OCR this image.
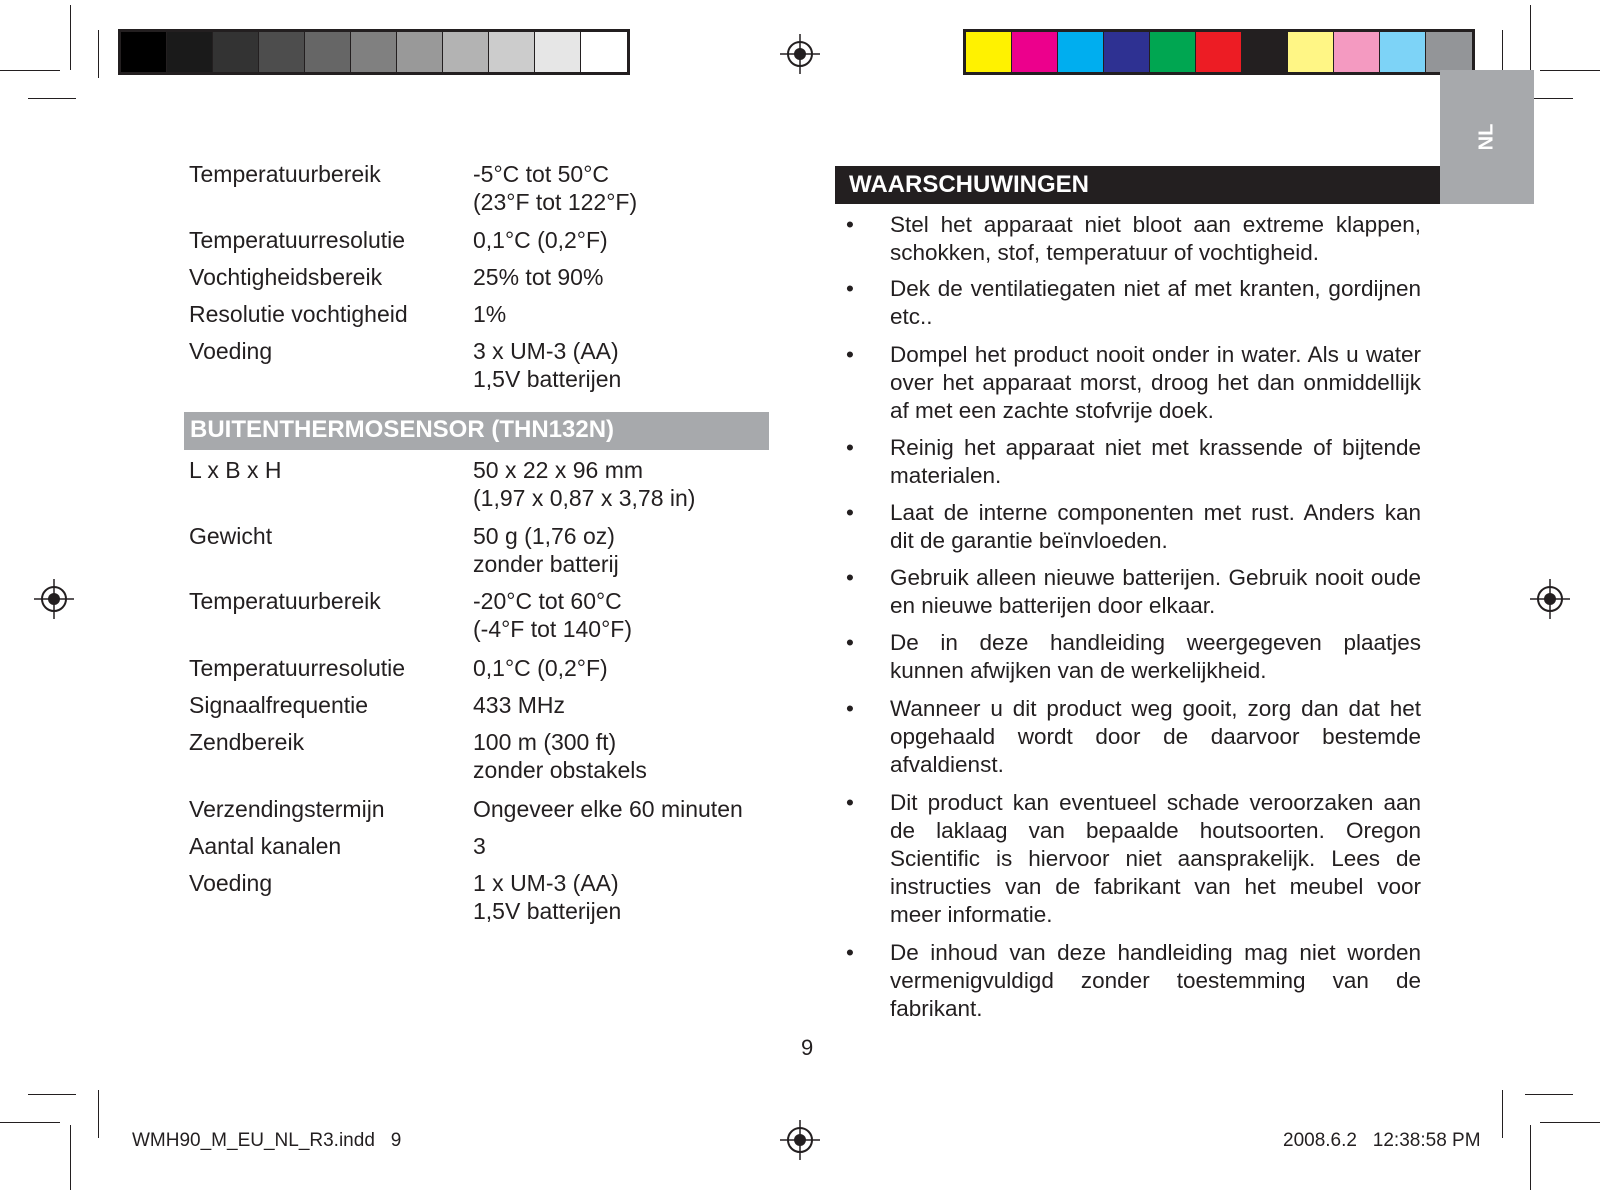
NL
Temperatuurbereik	-5°C tot 50°C
(23°F tot 122°F)
Temperatuurresolutie	0,1°C (0,2°F)
Vochtigheidsbereik	25% tot 90%
Resolutie vochtigheid	1%
Voeding	3 x UM-3 (AA)
1,5V batterijen
BUITENTHERMOSENSOR (THN132N)
L x B x H	50 x 22 x 96 mm
(1,97 x 0,87 x 3,78 in)
Gewicht	50 g (1,76 oz)
zonder batterij
Temperatuurbereik	-20°C tot 60°C
(-4°F tot 140°F)
Temperatuurresolutie	0,1°C (0,2°F)
Signaalfrequentie	433 MHz
Zendbereik	100 m (300 ft)
zonder obstakels
Verzendingstermijn	Ongeveer elke 60 minuten
Aantal kanalen	3
Voeding	1 x UM-3 (AA)
1,5V batterijen
WAARSCHUWINGEN
• Stel het apparaat niet bloot aan extreme klappen, schokken, stof, temperatuur of vochtigheid.
• Dek de ventilatiegaten niet af met kranten, gordijnen etc..
• Dompel het product nooit onder in water. Als u water over het apparaat morst, droog het dan onmiddellijk af met een zachte stofvrije doek.
• Reinig het apparaat niet met krassende of bijtende materialen.
• Laat de interne componenten met rust. Anders kan dit de garantie beïnvloeden.
• Gebruik alleen nieuwe batterijen. Gebruik nooit oude en nieuwe batterijen door elkaar.
• De in deze handleiding weergegeven plaatjes kunnen afwijken van de werkelijkheid.
• Wanneer u dit product weg gooit, zorg dan dat het opgehaald wordt door de daarvoor bestemde afvaldienst.
• Dit product kan eventueel schade veroorzaken aan de laklaag van bepaalde houtsoorten. Oregon Scientific is hiervoor niet aansprakelijk. Lees de instructies van de fabrikant van het meubel voor meer informatie.
• De inhoud van deze handleiding mag niet worden vermenigvuldigd zonder toestemming van de fabrikant.
9
WMH90_M_EU_NL_R3.indd   9	2008.6.2   12:38:58 PM
